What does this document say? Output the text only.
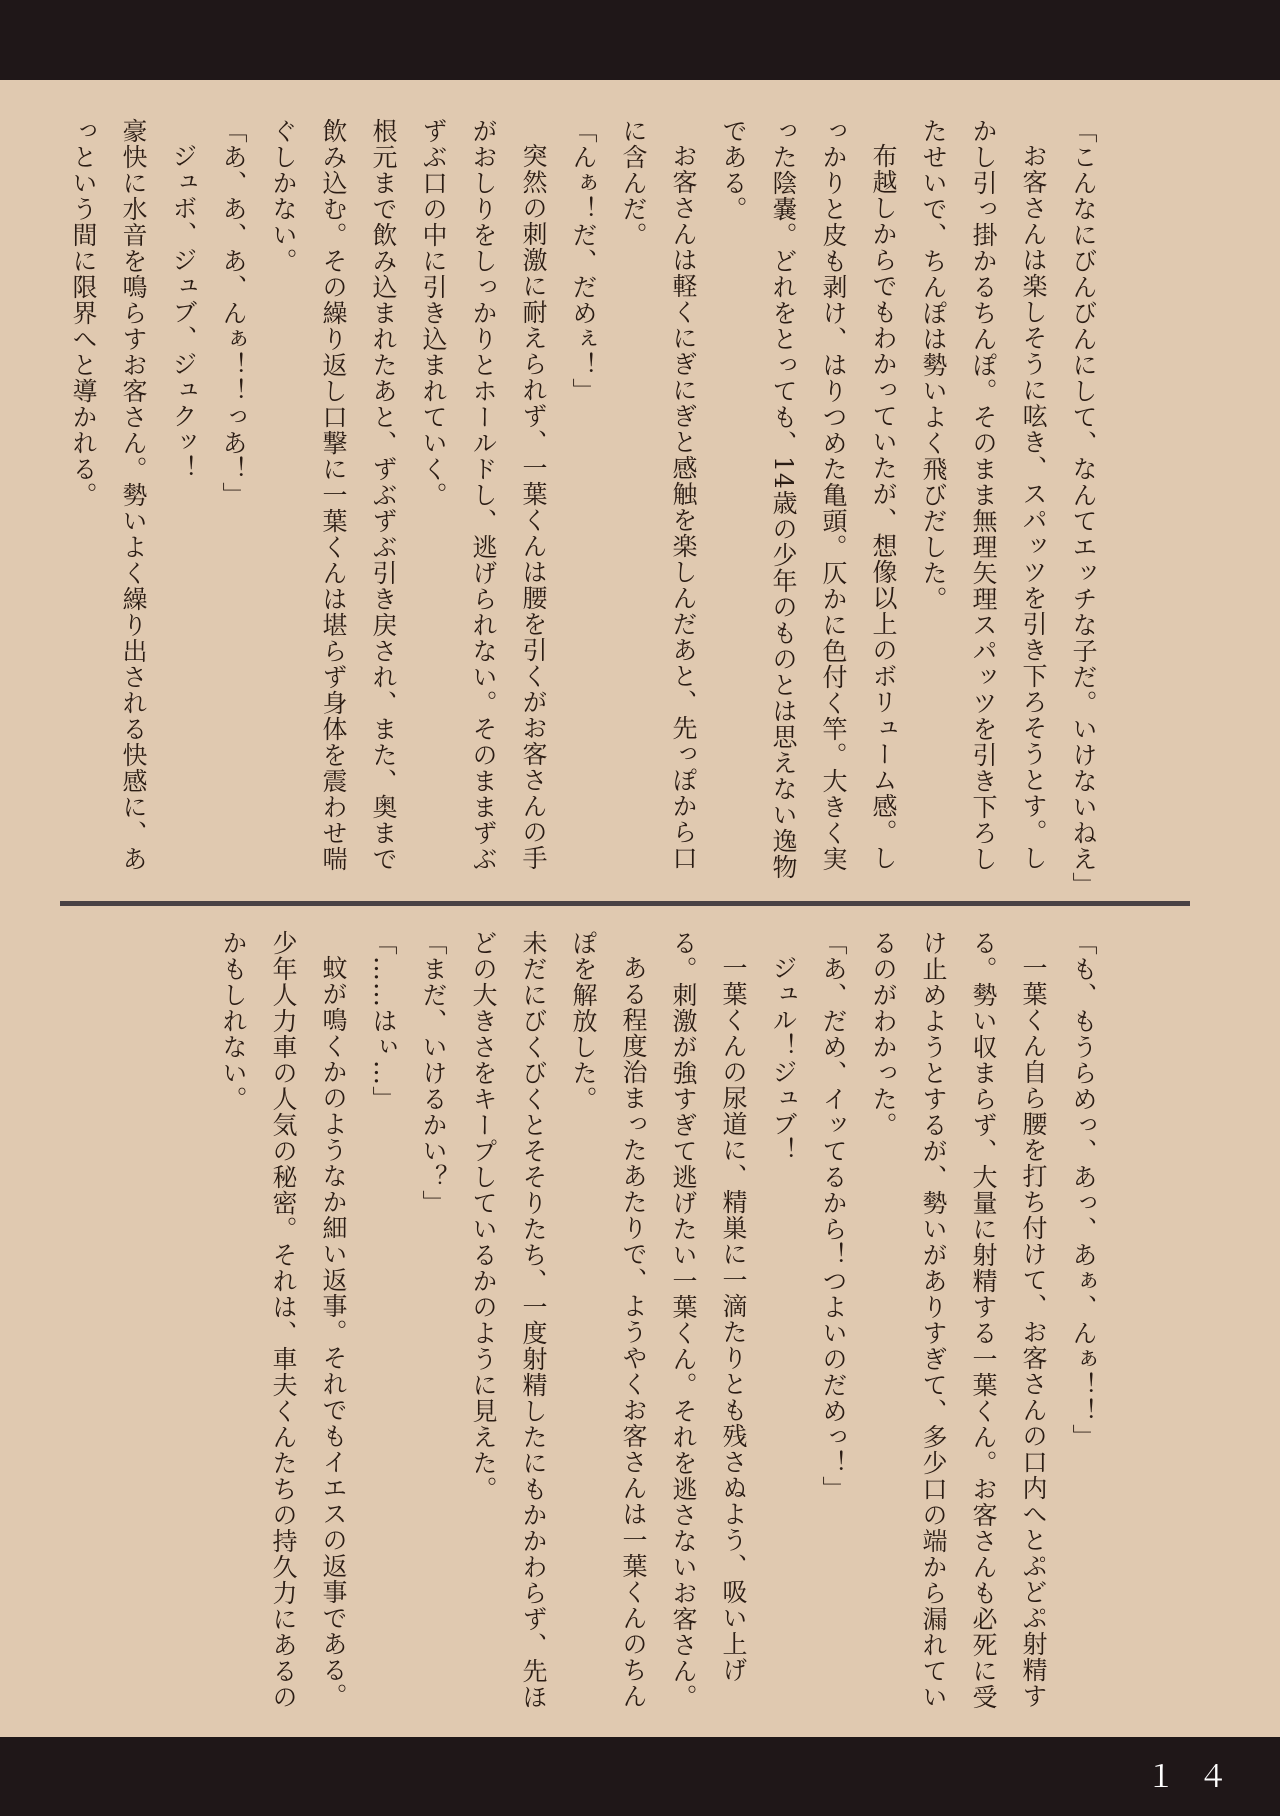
「こんなにびんびんにして、なんてエッチな子だ。いけないねえ」

お客さんは楽しそうに呟き、スパッツを引き下ろそうとす。しかし引っ掛かるちんぽ。そのまま無理矢理スパッツを引き下ろしたせいで、ちんぽは勢いよく飛びだした。

布越しからでもわかっていたが、想像以上のボリューム感。しっかりと皮も剥け、はりつめた亀頭。仄かに色付く竿。大きく実った陰嚢。どれをとっても、14歳の少年のものとは思えない逸物である。

お客さんは軽くにぎにぎと感触を楽しんだあと、先っぽから口に含んだ。

「んぁ！だ、だめぇ！」

突然の刺激に耐えられず、一葉くんは腰を引くがお客さんの手がおしりをしっかりとホールドし、逃げられない。そのままずぶずぶ口の中に引き込まれていく。

根元まで飲み込まれたあと、ずぶずぶ引き戻され、また、奥まで飲み込む。その繰り返し口撃に一葉くんは堪らず身体を震わせ喘ぐしかない。

「あ、あ、あ、んぁ！！っあ！」

ジュボ、ジュブ、ジュクッ！

豪快に水音を鳴らすお客さん。勢いよく繰り出される快感に、あっという間に限界へと導かれる。

「も、もうらめっ、あっ、あぁ、んぁ！！」

一葉くん自ら腰を打ち付けて、お客さんの口内へとぷどぷ射精する。勢い収まらず、大量に射精する一葉くん。お客さんも必死に受け止めようとするが、勢いがありすぎて、多少口の端から漏れているのがわかった。

「あ、だめ、イッてるから！つよいのだめっ！」

ジュル！ジュブ！

一葉くんの尿道に、精巣に一滴たりとも残さぬよう、吸い上げる。刺激が強すぎて逃げたい一葉くん。それを逃さないお客さん。

ある程度治まったあたりで、ようやくお客さんは一葉くんのちんぽを解放した。

未だにびくびくとそそりたち、一度射精したにもかかわらず、先ほどの大きさをキープしているかのように見えた。

「まだ、いけるかい？」

「……はぃ…」

蚊が鳴くかのようなか細い返事。それでもイエスの返事である。

少年人力車の人気の秘密。それは、車夫くんたちの持久力にあるのかもしれない。

１４
